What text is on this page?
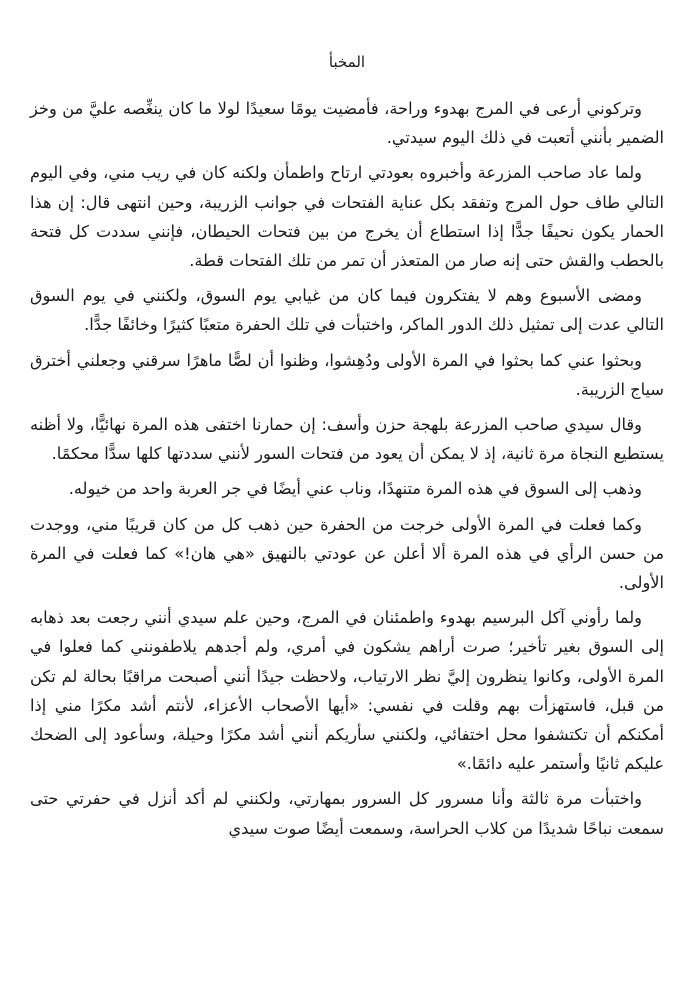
المخبأ

وتركوني أرعى في المرج بهدوء وراحة، فأمضيت يومًا سعيدًا لولا ما كان ينغِّصه عليَّ من وخز الضمير بأنني أتعبت في ذلك اليوم سيدتي.

ولما عاد صاحب المزرعة وأخبروه بعودتي ارتاح واطمأن ولكنه كان في ريب مني، وفي اليوم التالي طاف حول المرج وتفقد بكل عناية الفتحات في جوانب الزريبة، وحين انتهى قال: إن هذا الحمار يكون نحيفًا جدًّا إذا استطاع أن يخرج من بين فتحات الحيطان، فإنني سددت كل فتحة بالحطب والقش حتى إنه صار من المتعذر أن تمر من تلك الفتحات قطة.

ومضى الأسبوع وهم لا يفتكرون فيما كان من غيابي يوم السوق، ولكنني في يوم السوق التالي عدت إلى تمثيل ذلك الدور الماكر، واختبأت في تلك الحفرة متعبًا كثيرًا وخائفًا جدًّا.

وبحثوا عني كما بحثوا في المرة الأولى ودُهِشوا، وظنوا أن لصًّا ماهرًا سرقني وجعلني أخترق سياج الزريبة.

وقال سيدي صاحب المزرعة بلهجة حزن وأسف: إن حمارنا اختفى هذه المرة نهائيًّا، ولا أظنه يستطيع النجاة مرة ثانية، إذ لا يمكن أن يعود من فتحات السور لأنني سددتها كلها سدًّا محكمًا.

وذهب إلى السوق في هذه المرة متنهدًا، وناب عني أيضًا في جر العربة واحد من خيوله.

وكما فعلت في المرة الأولى خرجت من الحفرة حين ذهب كل من كان قريبًا مني، ووجدت من حسن الرأي في هذه المرة ألا أعلن عن عودتي بالنهيق «هي هان!» كما فعلت في المرة الأولى.

ولما رأوني آكل البرسيم بهدوء واطمئنان في المرج، وحين علم سيدي أنني رجعت بعد ذهابه إلى السوق بغير تأخير؛ صرت أراهم يشكون في أمري، ولم أجدهم يلاطفونني كما فعلوا في المرة الأولى، وكانوا ينظرون إليَّ نظر الارتياب، ولاحظت جيدًا أنني أصبحت مراقبًا بحالة لم تكن من قبل، فاستهزأت بهم وقلت في نفسي: «أيها الأصحاب الأعزاء، لأنتم أشد مكرًا مني إذا أمكنكم أن تكتشفوا محل اختفائي، ولكنني سأريكم أنني أشد مكرًا وحيلة، وسأعود إلى الضحك عليكم ثانيًا وأستمر عليه دائمًا.»

واختبأت مرة ثالثة وأنا مسرور كل السرور بمهارتي، ولكنني لم أكد أنزل في حفرتي حتى سمعت نباحًا شديدًا من كلاب الحراسة، وسمعت أيضًا صوت سيدي
